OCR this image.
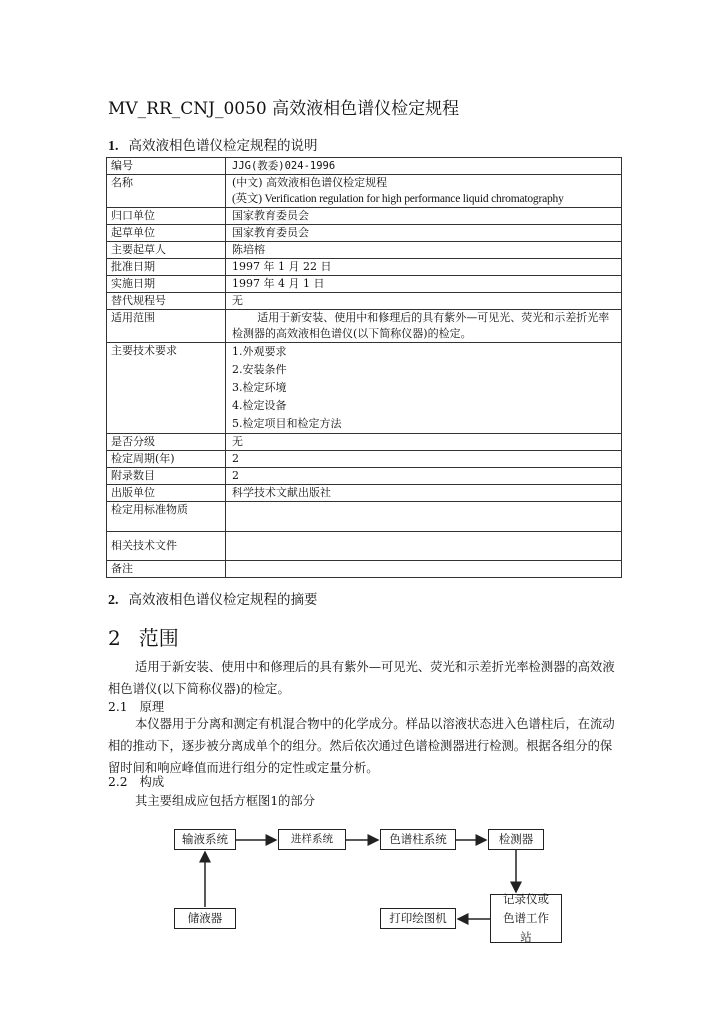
MV_RR_CNJ_0050 高效液相色谱仪检定规程
1. 高效液相色谱仪检定规程的说明
编号	JJG(教委)024-1996
名称	(中文) 高效液相色谱仪检定规程
(英文) Verification regulation for high performance liquid chromatography

归口单位	国家教育委员会
起草单位	国家教育委员会
主要起草人	陈培榕
批准日期	1997 年 1 月 22 日
实施日期	1997 年 4 月 1 日
替代规程号	无
适用范围	适用于新安装、使用中和修理后的具有紫外—可见光、荧光和示差折光率检测器的高效液相色谱仪(以下简称仪器)的检定。
主要技术要求	1.外观要求
2.安装条件
3.检定环境
4.检定设备
5.检定项目和检定方法

是否分级	无
检定周期(年)	2
附录数目	2
出版单位	科学技术文献出版社
检定用标准物质	
相关技术文件	
备注	
2. 高效液相色谱仪检定规程的摘要
2 范围
适用于新安装、使用中和修理后的具有紫外—可见光、荧光和示差折光率检测器的高效液相色谱仪(以下简称仪器)的检定。
2.1 原理
本仪器用于分离和测定有机混合物中的化学成分。样品以溶液状态进入色谱柱后，在流动相的推动下，逐步被分离成单个的组分。然后依次通过色谱检测器进行检测。根据各组分的保留时间和响应峰值而进行组分的定性或定量分析。
2.2 构成
其主要组成应包括方框图1的部分
输液系统	进样系统	色谱柱系统	检测器
储液器
记录仪或色谱工作站
打印绘图机
